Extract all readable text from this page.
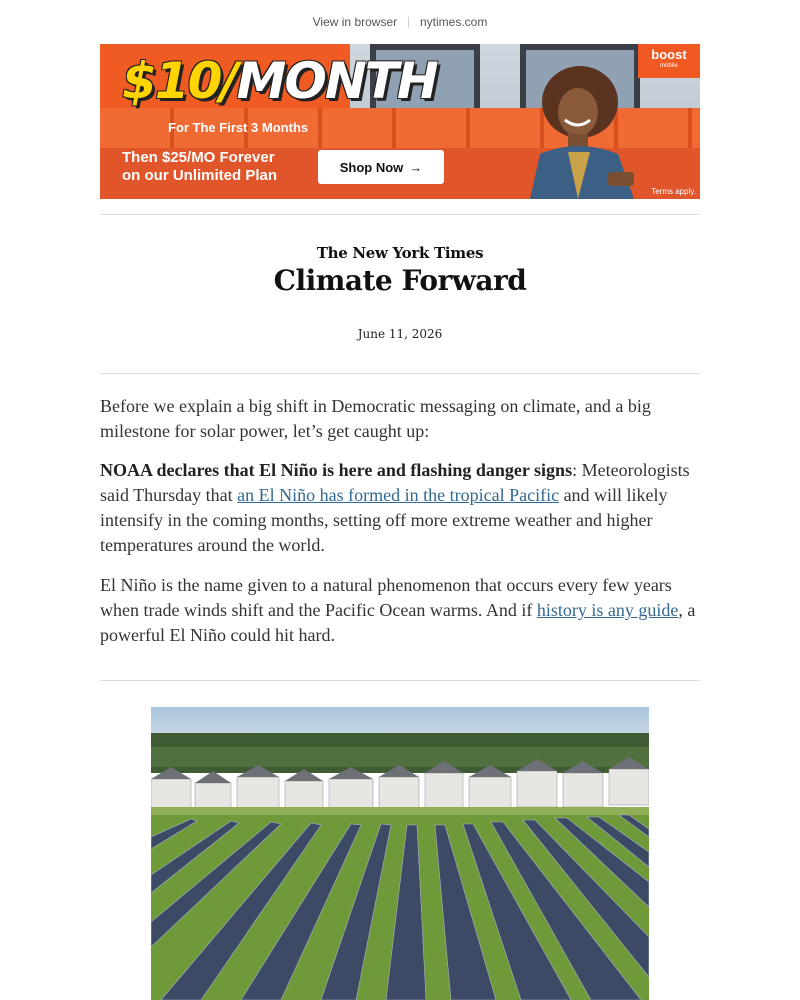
View in browser | nytimes.com
$10/MONTH
For The First 3 Months
Then $25/MO Forever
on our Unlimited Plan	Shop Now →
boost
mobile
Terms apply.
The New York Times
Climate Forward
June 11, 2026

Before we explain a big shift in Democratic messaging on climate, and a big milestone for solar power, let’s get caught up:

NOAA declares that El Niño is here and flashing danger signs: Meteorologists said Thursday that an El Niño has formed in the tropical Pacific and will likely intensify in the coming months, setting off more extreme weather and higher temperatures around the world.

El Niño is the name given to a natural phenomenon that occurs every few years when trade winds shift and the Pacific Ocean warms. And if history is any guide, a powerful El Niño could hit hard.
